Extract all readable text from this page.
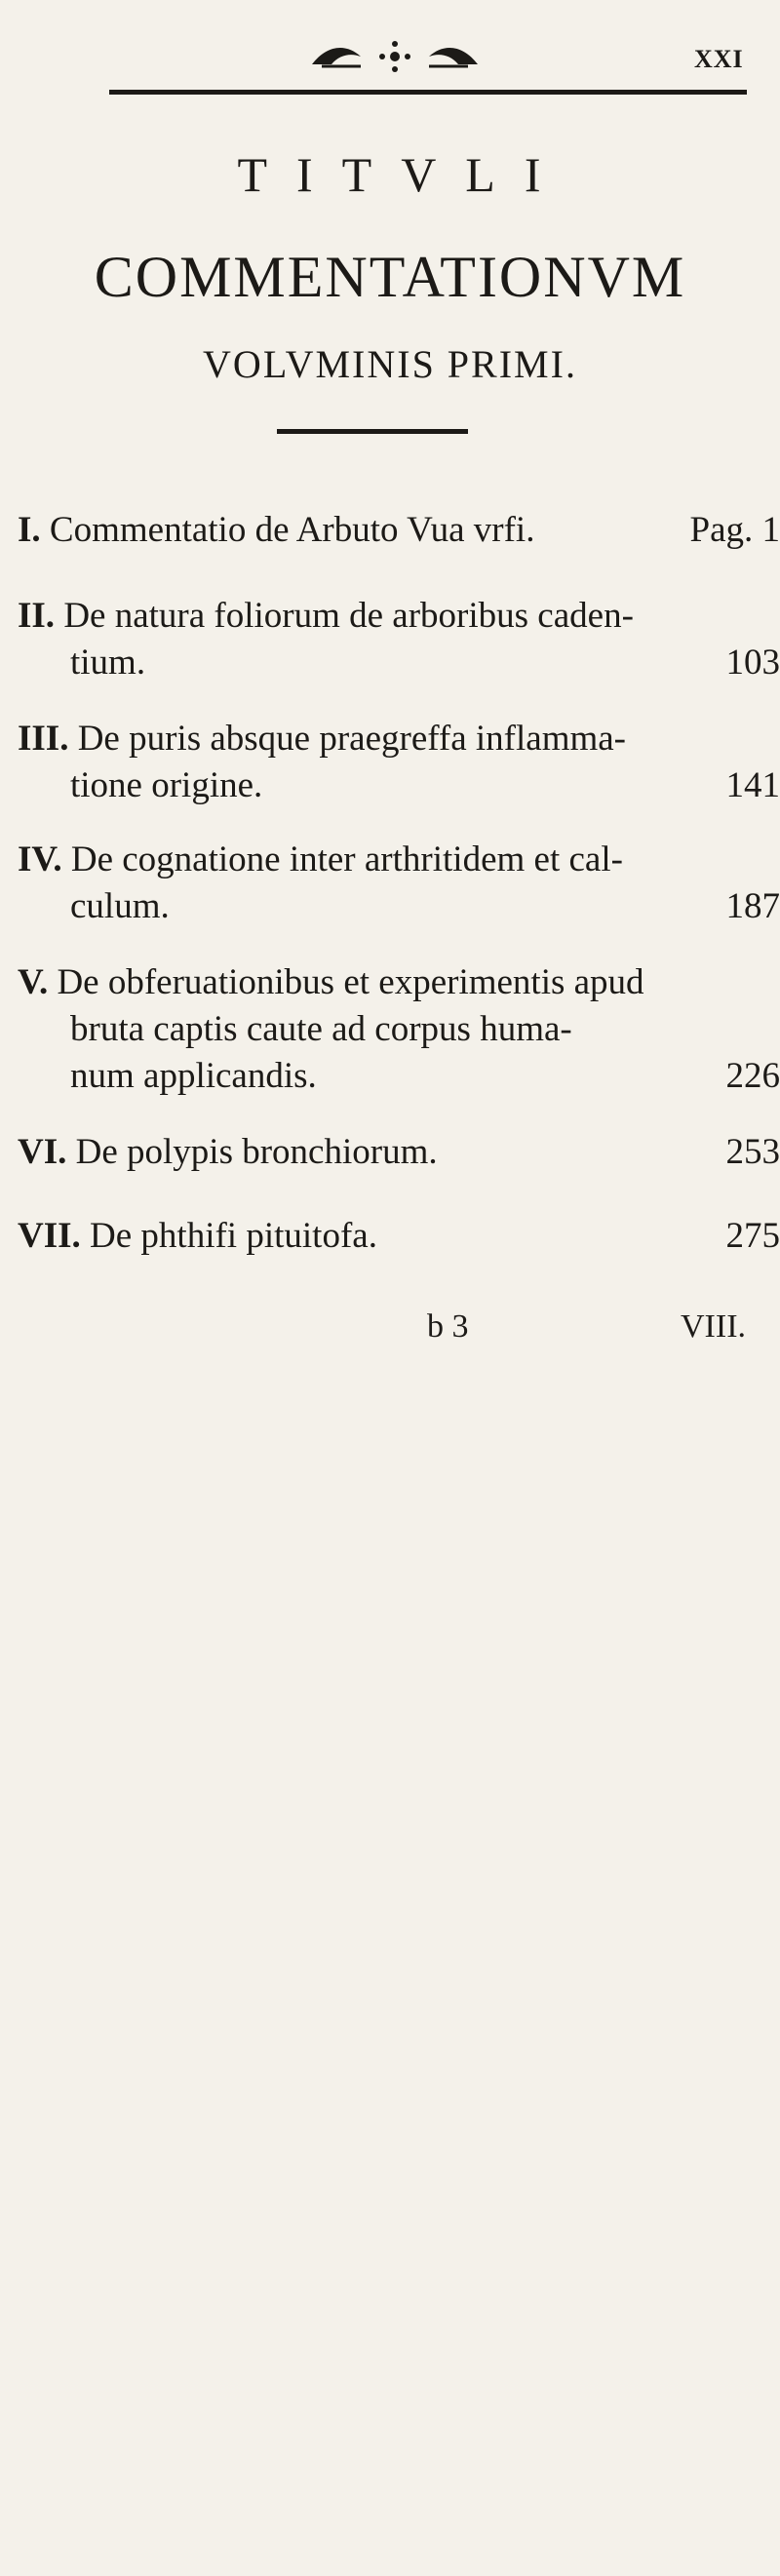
XXI
TITVLI
COMMENTATIONVM
VOLVMINIS PRIMI.
I. Commentatio de Arbuto Vua vrfi.	Pag. 1
II. De natura foliorum de arboribus caden-
tium.	103
III. De puris absque praegreffa inflamma-
tione origine.	141
IV. De cognatione inter arthritidem et cal-
culum.	187
V. De obferuationibus et experimentis apud
bruta captis caute ad corpus huma-
num applicandis.	226
VI. De polypis bronchiorum.	253
VII. De phthifi pituitofa.	275
b 3	VIII.
